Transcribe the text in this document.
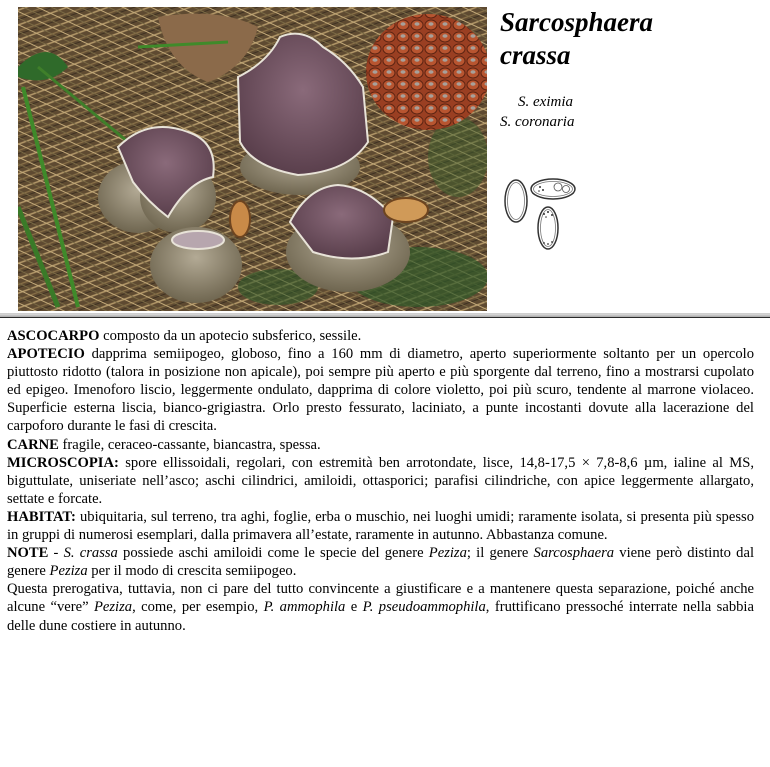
Sarcosphaera
crassa
S. eximia
S. coronaria

ASCOCARPO composto da un apotecio subsferico, sessile.

APOTECIO dapprima semiipogeo, globoso, fino a 160 mm di diametro, aperto superiormente soltanto per un opercolo piuttosto ridotto (talora in posizione non apicale), poi sempre più aperto e più sporgente dal terreno, fino a mostrarsi cupolato ed epigeo. Imenoforo liscio, leggermente ondulato, dapprima di colore violetto, poi più scuro, tendente al marrone violaceo. Superficie esterna liscia, bianco-grigiastra. Orlo presto fessurato, laciniato, a punte incostanti dovute alla lacerazione del carpoforo durante le fasi di crescita.

CARNE fragile, ceraceo-cassante, biancastra, spessa.

MICROSCOPIA: spore ellissoidali, regolari, con estremità ben arrotondate, lisce, 14,8-17,5 × 7,8-8,6 µm, ialine al MS, biguttulate, uniseriate nell’asco; aschi cilindrici, amiloidi, ottasporici; parafisi cilindriche, con apice leggermente allargato, settate e forcate.

HABITAT: ubiquitaria, sul terreno, tra aghi, foglie, erba o muschio, nei luoghi umidi; raramente isolata, si presenta più spesso in gruppi di numerosi esemplari, dalla primavera all’estate, raramente in autunno. Abbastanza comune.

NOTE - S. crassa possiede aschi amiloidi come le specie del genere Peziza; il genere Sarcosphaera viene però distinto dal genere Peziza per il modo di crescita semiipogeo.

Questa prerogativa, tuttavia, non ci pare del tutto convincente a giustificare e a mantenere questa separazione, poiché anche alcune “vere” Peziza, come, per esempio, P. ammophila e P. pseudoammophila, fruttificano pressoché interrate nella sabbia delle dune costiere in autunno.
